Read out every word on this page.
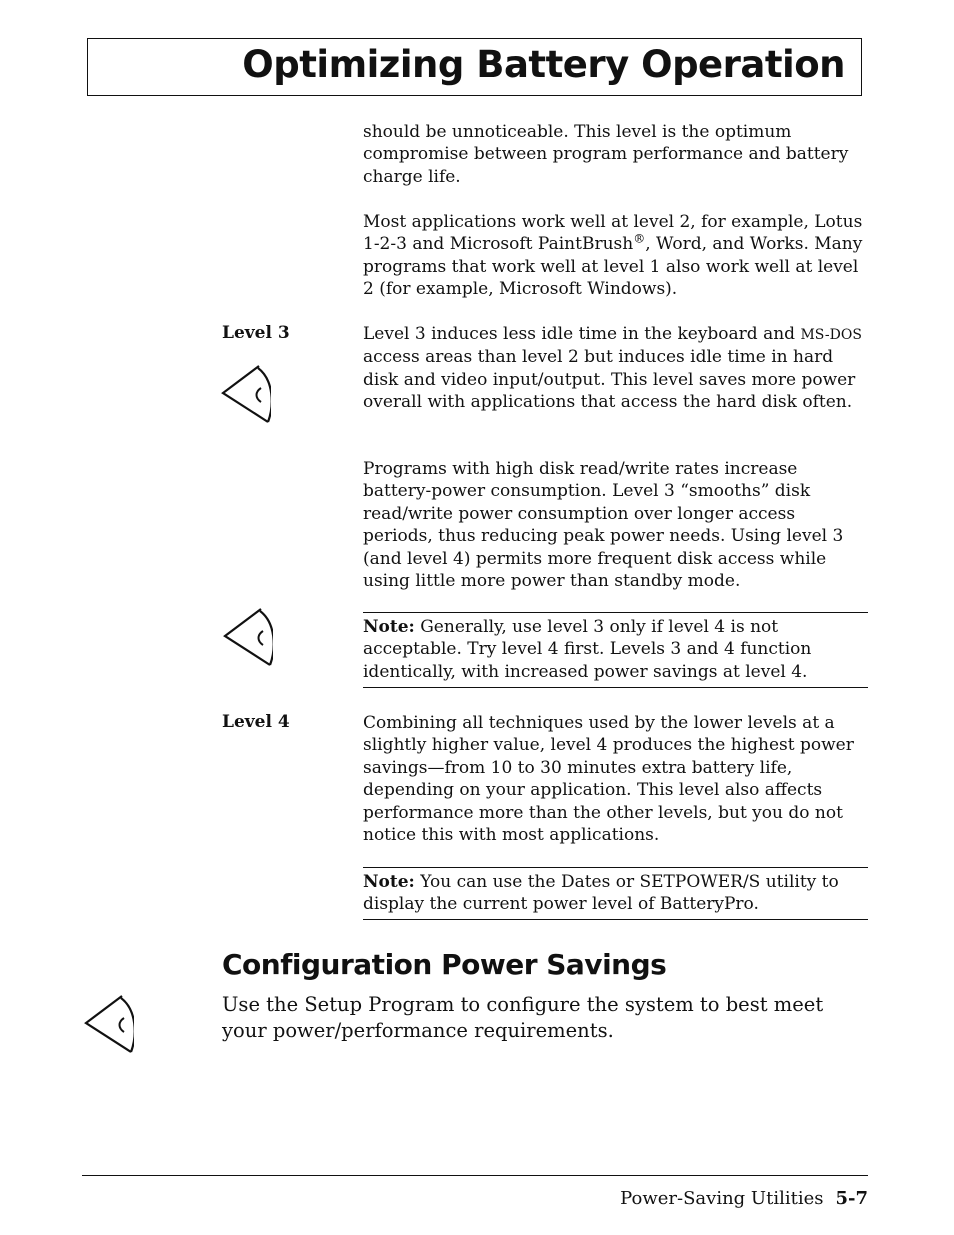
Optimizing Battery Operation

should be unnoticeable. This level is the optimum compromise between program performance and battery charge life.

Most applications work well at level 2, for example, Lotus 1-2-3 and Microsoft PaintBrush®, Word, and Works. Many programs that work well at level 1 also work well at level 2 (for example, Microsoft Windows).

Level 3	Level 3 induces less idle time in the keyboard and MS-DOS access areas than level 2 but induces idle time in hard disk and video input/output. This level saves more power overall with applications that access the hard disk often.

Programs with high disk read/write rates increase battery-power consumption. Level 3 “smooths” disk read/write power consumption over longer access periods, thus reducing peak power needs. Using level 3 (and level 4) permits more frequent disk access while using little more power than standby mode.

Note: Generally, use level 3 only if level 4 is not acceptable. Try level 4 first. Levels 3 and 4 function identically, with increased power savings at level 4.

Level 4	Combining all techniques used by the lower levels at a slightly higher value, level 4 produces the highest power savings—from 10 to 30 minutes extra battery life, depending on your application. This level also affects performance more than the other levels, but you do not notice this with most applications.

Note: You can use the Dates or SETPOWER/S utility to display the current power level of BatteryPro.

Configuration Power Savings

Use the Setup Program to configure the system to best meet your power/performance requirements.

Power-Saving Utilities 5-7
